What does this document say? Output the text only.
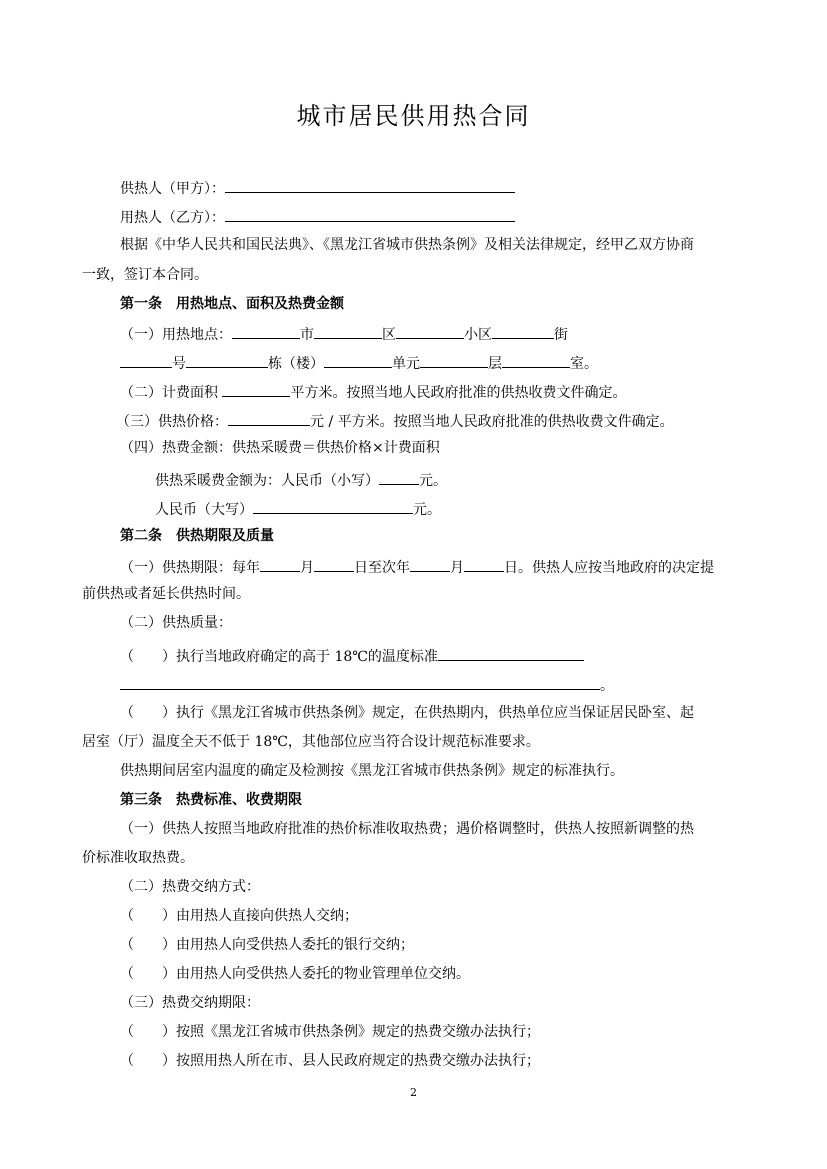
城市居民供用热合同
供热人（甲方）：
用热人（乙方）：
根据《中华人民共和国民法典》、《黑龙江省城市供热条例》及相关法律规定，经甲乙双方协商
一致，签订本合同。
第一条　用热地点、面积及热费金额
（一）用热地点：	市	区	小区	街
号	栋（楼）	单元	层	室。
（二）计费面积	平方米。按照当地人民政府批准的供热收费文件确定。
（三）供热价格：	元 / 平方米。按照当地人民政府批准的供热收费文件确定。
（四）热费金额：供热采暖费＝供热价格×计费面积
供热采暖费金额为：人民币（小写）	元。
人民币（大写）	元。
第二条　供热期限及质量
（一）供热期限：每年	月	日至次年	月	日。供热人应按当地政府的决定提
前供热或者延长供热时间。
（二）供热质量：
（　　）执行当地政府确定的高于 18℃的温度标准
。
（　　）执行《黑龙江省城市供热条例》规定，在供热期内，供热单位应当保证居民卧室、起
居室（厅）温度全天不低于 18℃，其他部位应当符合设计规范标准要求。
供热期间居室内温度的确定及检测按《黑龙江省城市供热条例》规定的标准执行。
第三条　热费标准、收费期限
（一）供热人按照当地政府批准的热价标准收取热费；遇价格调整时，供热人按照新调整的热
价标准收取热费。
（二）热费交纳方式：
（　　）由用热人直接向供热人交纳；
（　　）由用热人向受供热人委托的银行交纳；
（　　）由用热人向受供热人委托的物业管理单位交纳。
（三）热费交纳期限：
（　　）按照《黑龙江省城市供热条例》规定的热费交缴办法执行；
（　　）按照用热人所在市、县人民政府规定的热费交缴办法执行；
2
